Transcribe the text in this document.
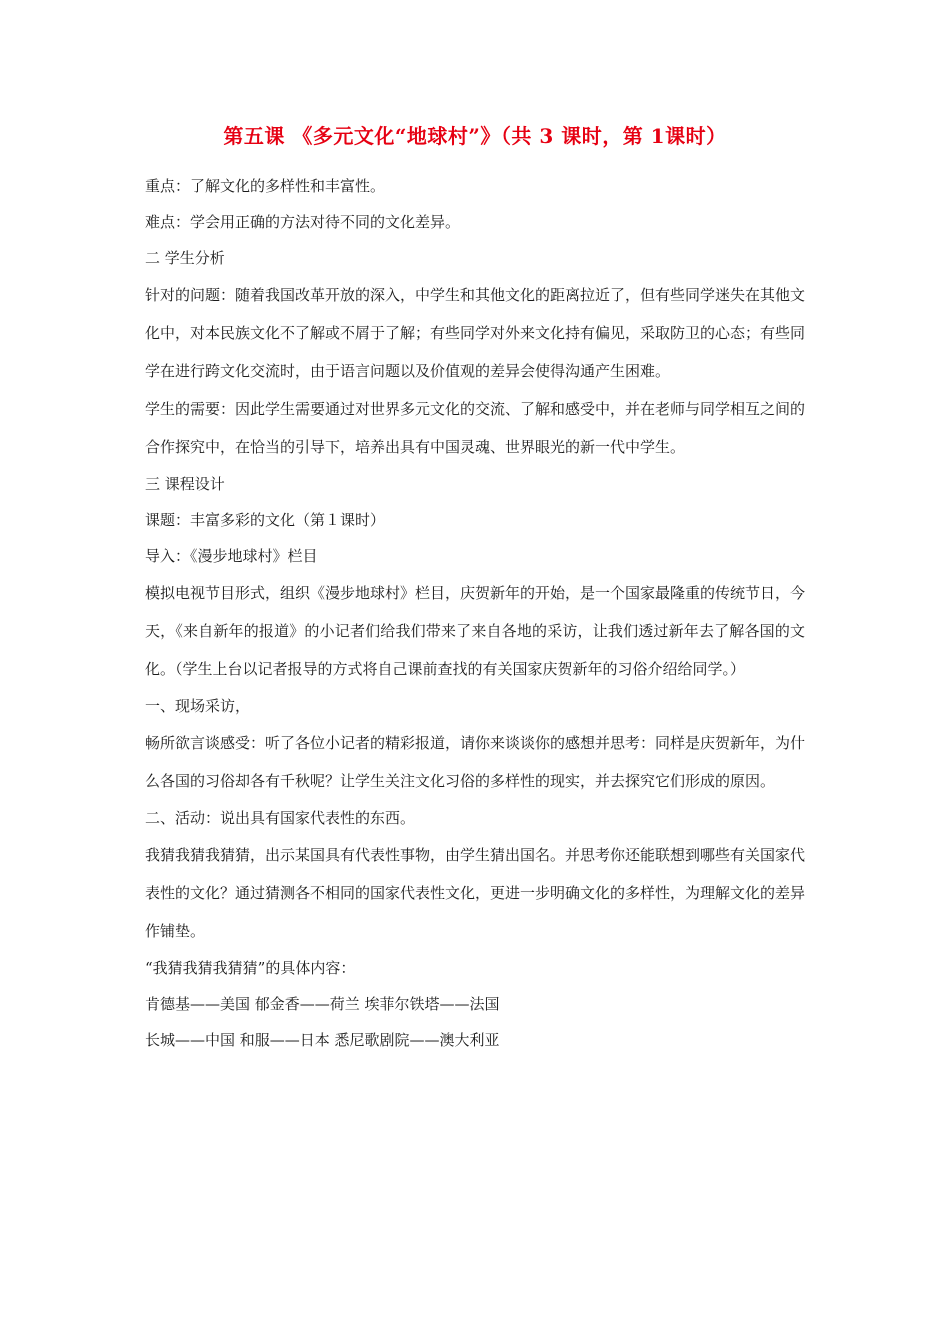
第五课 《多元文化“地球村”》（共 3 课时，第 1课时）

重点：了解文化的多样性和丰富性。

难点：学会用正确的方法对待不同的文化差异。

二 学生分析

针对的问题：随着我国改革开放的深入，中学生和其他文化的距离拉近了，但有些同学迷失在其他文化中，对本民族文化不了解或不屑于了解；有些同学对外来文化持有偏见，采取防卫的心态；有些同学在进行跨文化交流时，由于语言问题以及价值观的差异会使得沟通产生困难。

学生的需要：因此学生需要通过对世界多元文化的交流、了解和感受中，并在老师与同学相互之间的合作探究中，在恰当的引导下，培养出具有中国灵魂、世界眼光的新一代中学生。

三 课程设计

课题：丰富多彩的文化（第１课时）

导入：《漫步地球村》栏目

模拟电视节目形式，组织《漫步地球村》栏目，庆贺新年的开始，是一个国家最隆重的传统节日，今天，《来自新年的报道》的小记者们给我们带来了来自各地的采访，让我们透过新年去了解各国的文化。（学生上台以记者报导的方式将自己课前查找的有关国家庆贺新年的习俗介绍给同学。）

一、现场采访，

畅所欲言谈感受：听了各位小记者的精彩报道，请你来谈谈你的感想并思考：同样是庆贺新年，为什么各国的习俗却各有千秋呢？让学生关注文化习俗的多样性的现实，并去探究它们形成的原因。

二、活动：说出具有国家代表性的东西。

我猜我猜我猜猜，出示某国具有代表性事物，由学生猜出国名。并思考你还能联想到哪些有关国家代表性的文化？通过猜测各不相同的国家代表性文化，更进一步明确文化的多样性，为理解文化的差异作铺垫。

“我猜我猜我猜猜”的具体内容：

肯德基——美国 郁金香——荷兰 埃菲尔铁塔——法国

长城——中国 和服——日本 悉尼歌剧院——澳大利亚
